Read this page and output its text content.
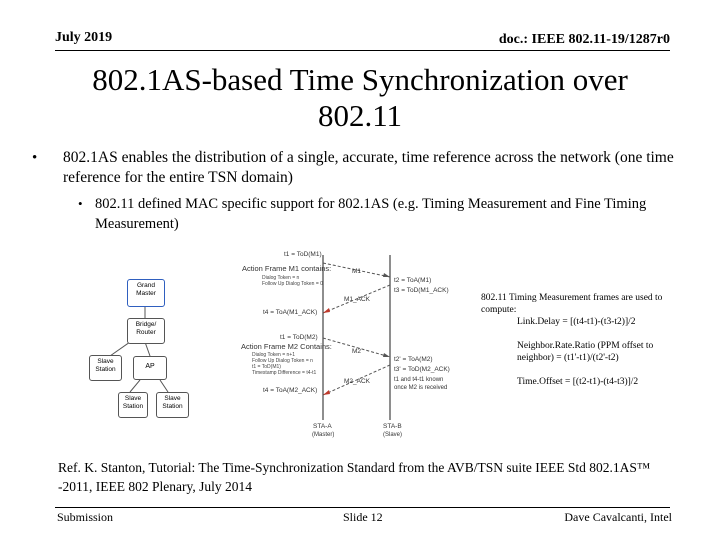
July 2019	doc.: IEEE 802.11-19/1287r0
802.1AS-based Time Synchronization over
802.11
• 802.1AS enables the distribution of a single, accurate, time reference across the network (one time reference for the entire TSN domain)
• 802.11 defined MAC specific support for 802.1AS (e.g. Timing Measurement and Fine Timing Measurement)
Grand Master
Bridge/ Router
Slave Station	AP
Slave Station
Slave Station
t1 = ToD(M1)
Action Frame M1 contains:
Dialog Token = n
Follow Up Dialog Token = 0
M1
t2 = ToA(M1)
t3 = ToD(M1_ACK)
M1_ACK
t4 = ToA(M1_ACK)
t1 = ToD(M2)
Action Frame M2 Contains:
Dialog Token = n+1
Follow Up Dialog Token = n
t1 = ToD(M1)
Timestamp Difference = t4-t1
M2
t2' = ToA(M2)
t3' = ToD(M2_ACK)
M2_ACK
t4 = ToA(M2_ACK)
t1 and t4-t1 known once M2 is received
STA-A
(Master)
STA-B
(Slave)
802.11 Timing Measurement frames are used to compute:
Link.Delay = [(t4-t1)-(t3-t2)]/2
Neighbor.Rate.Ratio (PPM offset to neighbor) = (t1'-t1)/(t2'-t2)
Time.Offset = [(t2-t1)-(t4-t3)]/2
Ref. K. Stanton, Tutorial: The Time-Synchronization Standard from the AVB/TSN suite IEEE Std 802.1AS™ -2011, IEEE 802 Plenary, July 2014
Submission	Slide 12	Dave Cavalcanti, Intel
